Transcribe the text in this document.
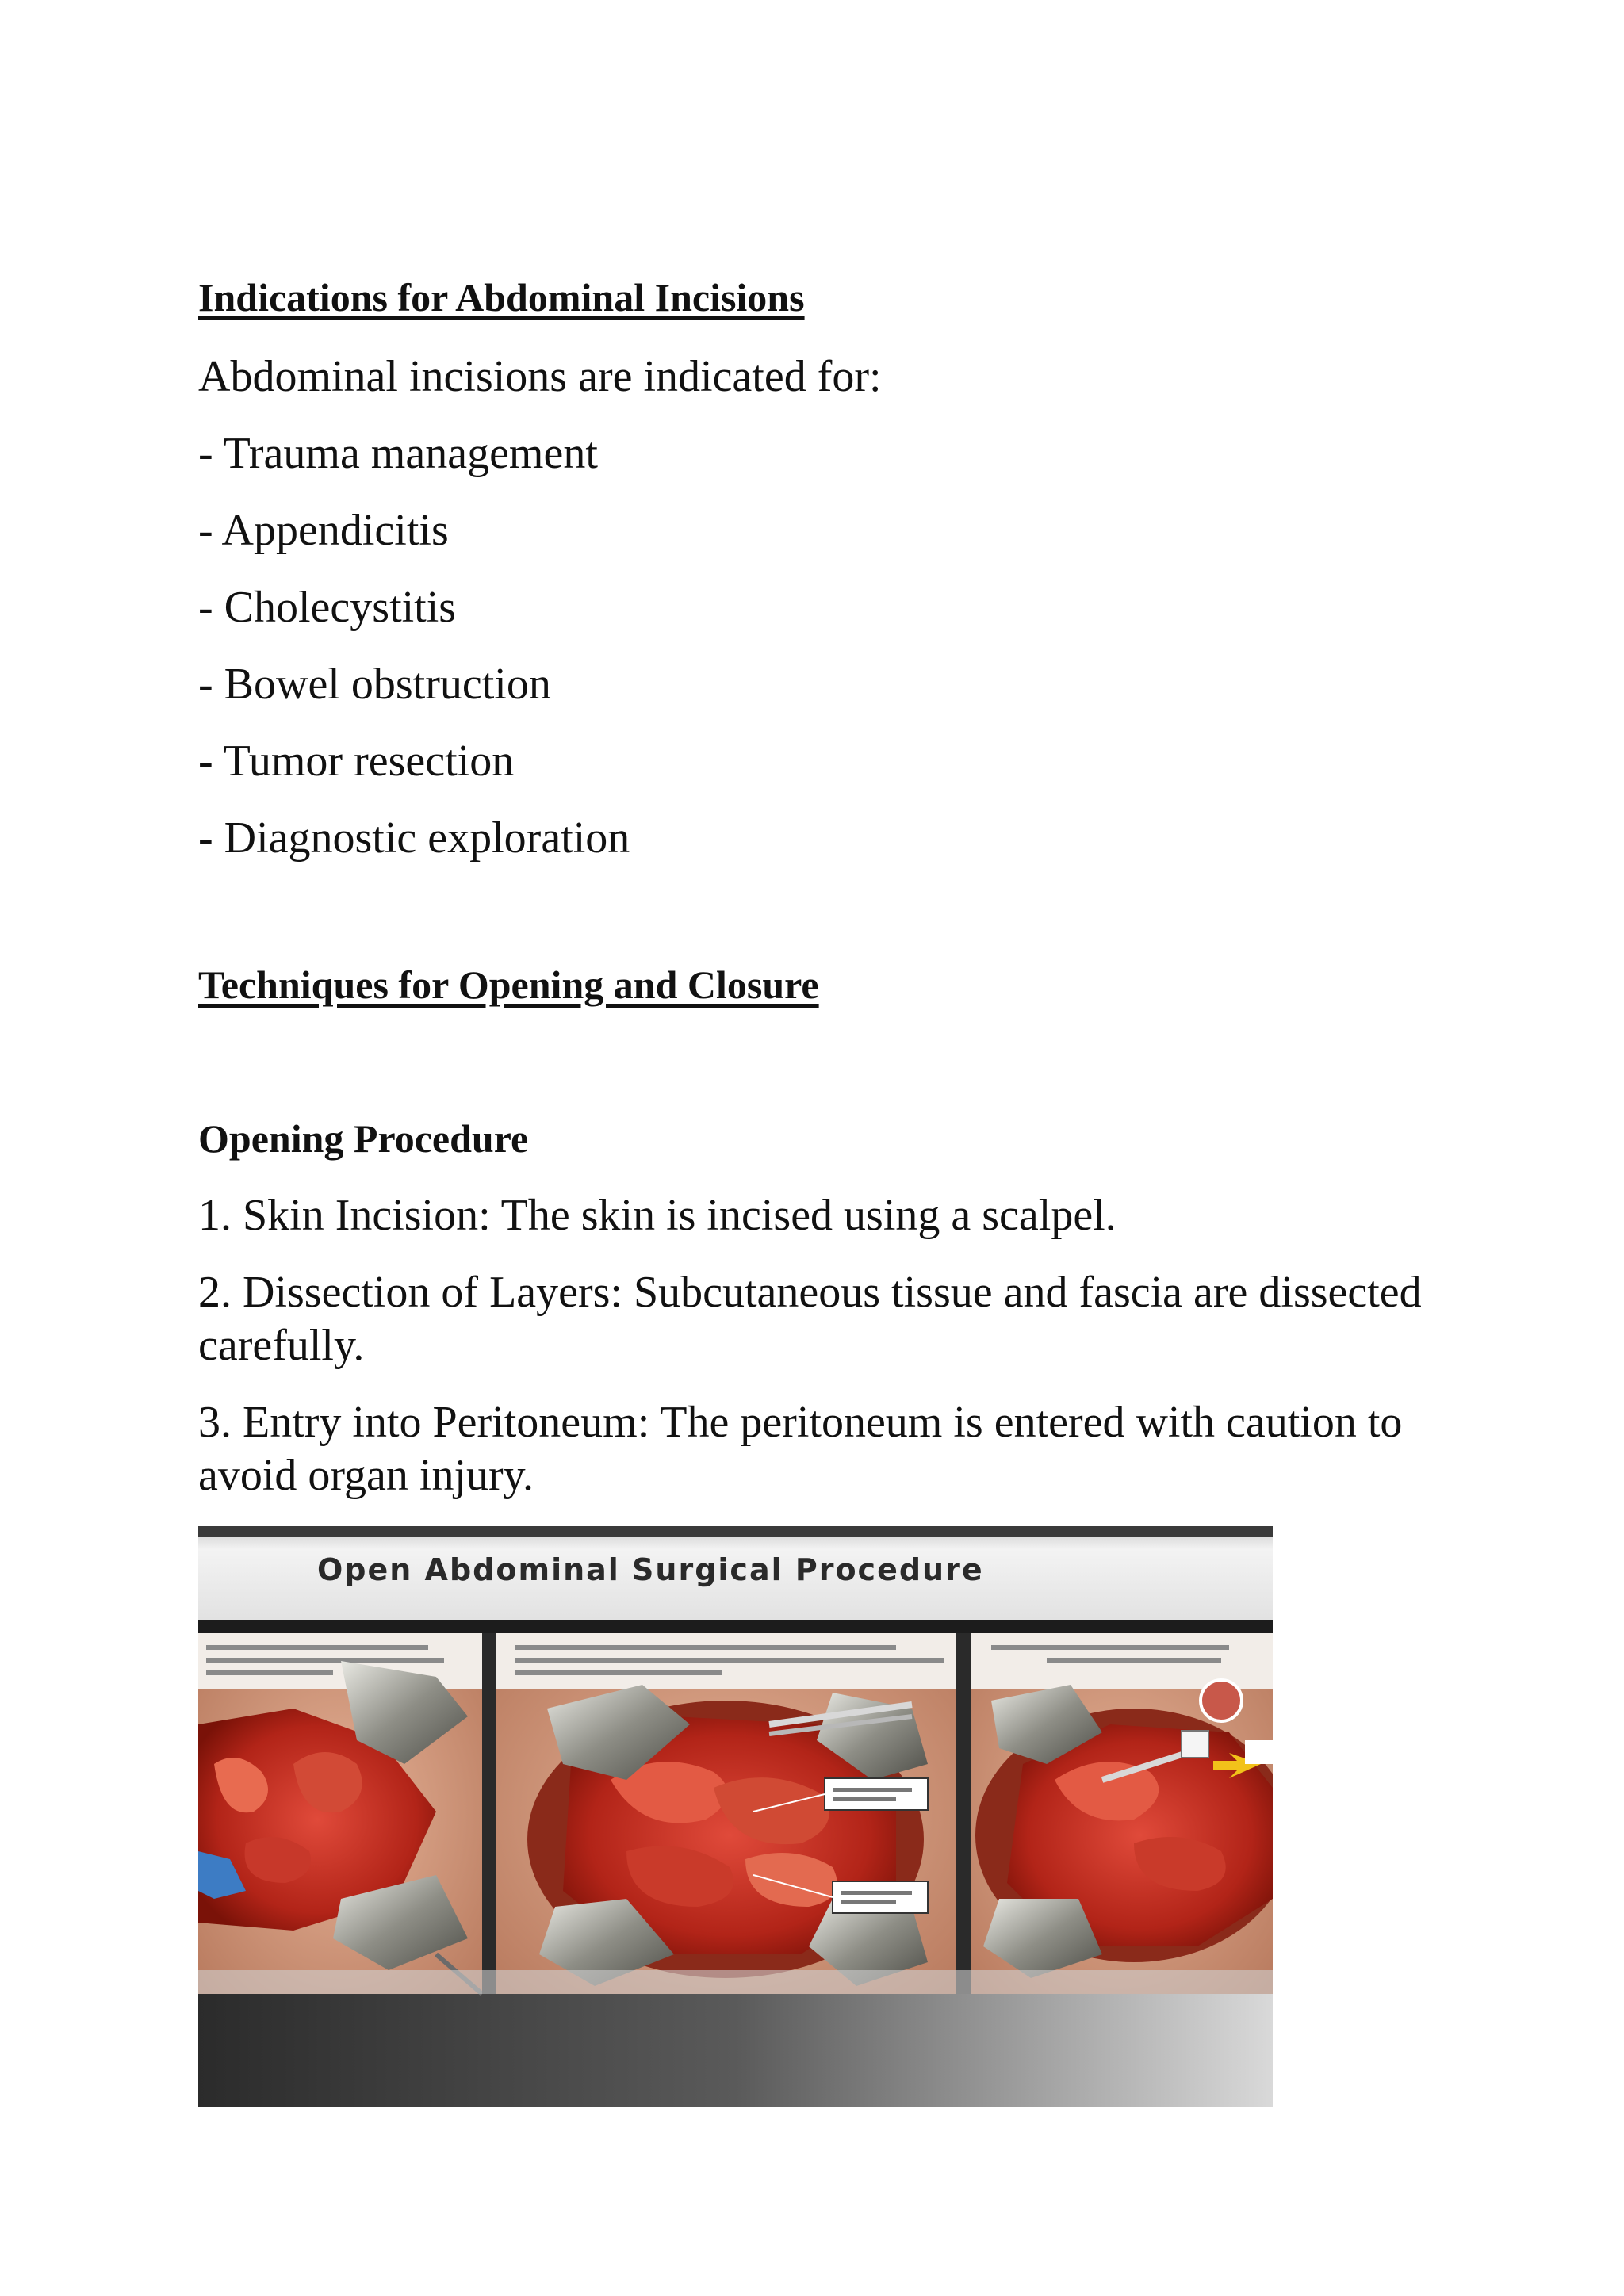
Indications for Abdominal Incisions
Abdominal incisions are indicated for:
- Trauma management
- Appendicitis
- Cholecystitis
- Bowel obstruction
- Tumor resection
- Diagnostic exploration
Techniques for Opening and Closure
Opening Procedure
1. Skin Incision: The skin is incised using a scalpel.
2. Dissection of Layers: Subcutaneous tissue and fascia are dissected carefully.
3. Entry into Peritoneum: The peritoneum is entered with caution to avoid organ injury.
Open Abdominal Surgical Procedure
